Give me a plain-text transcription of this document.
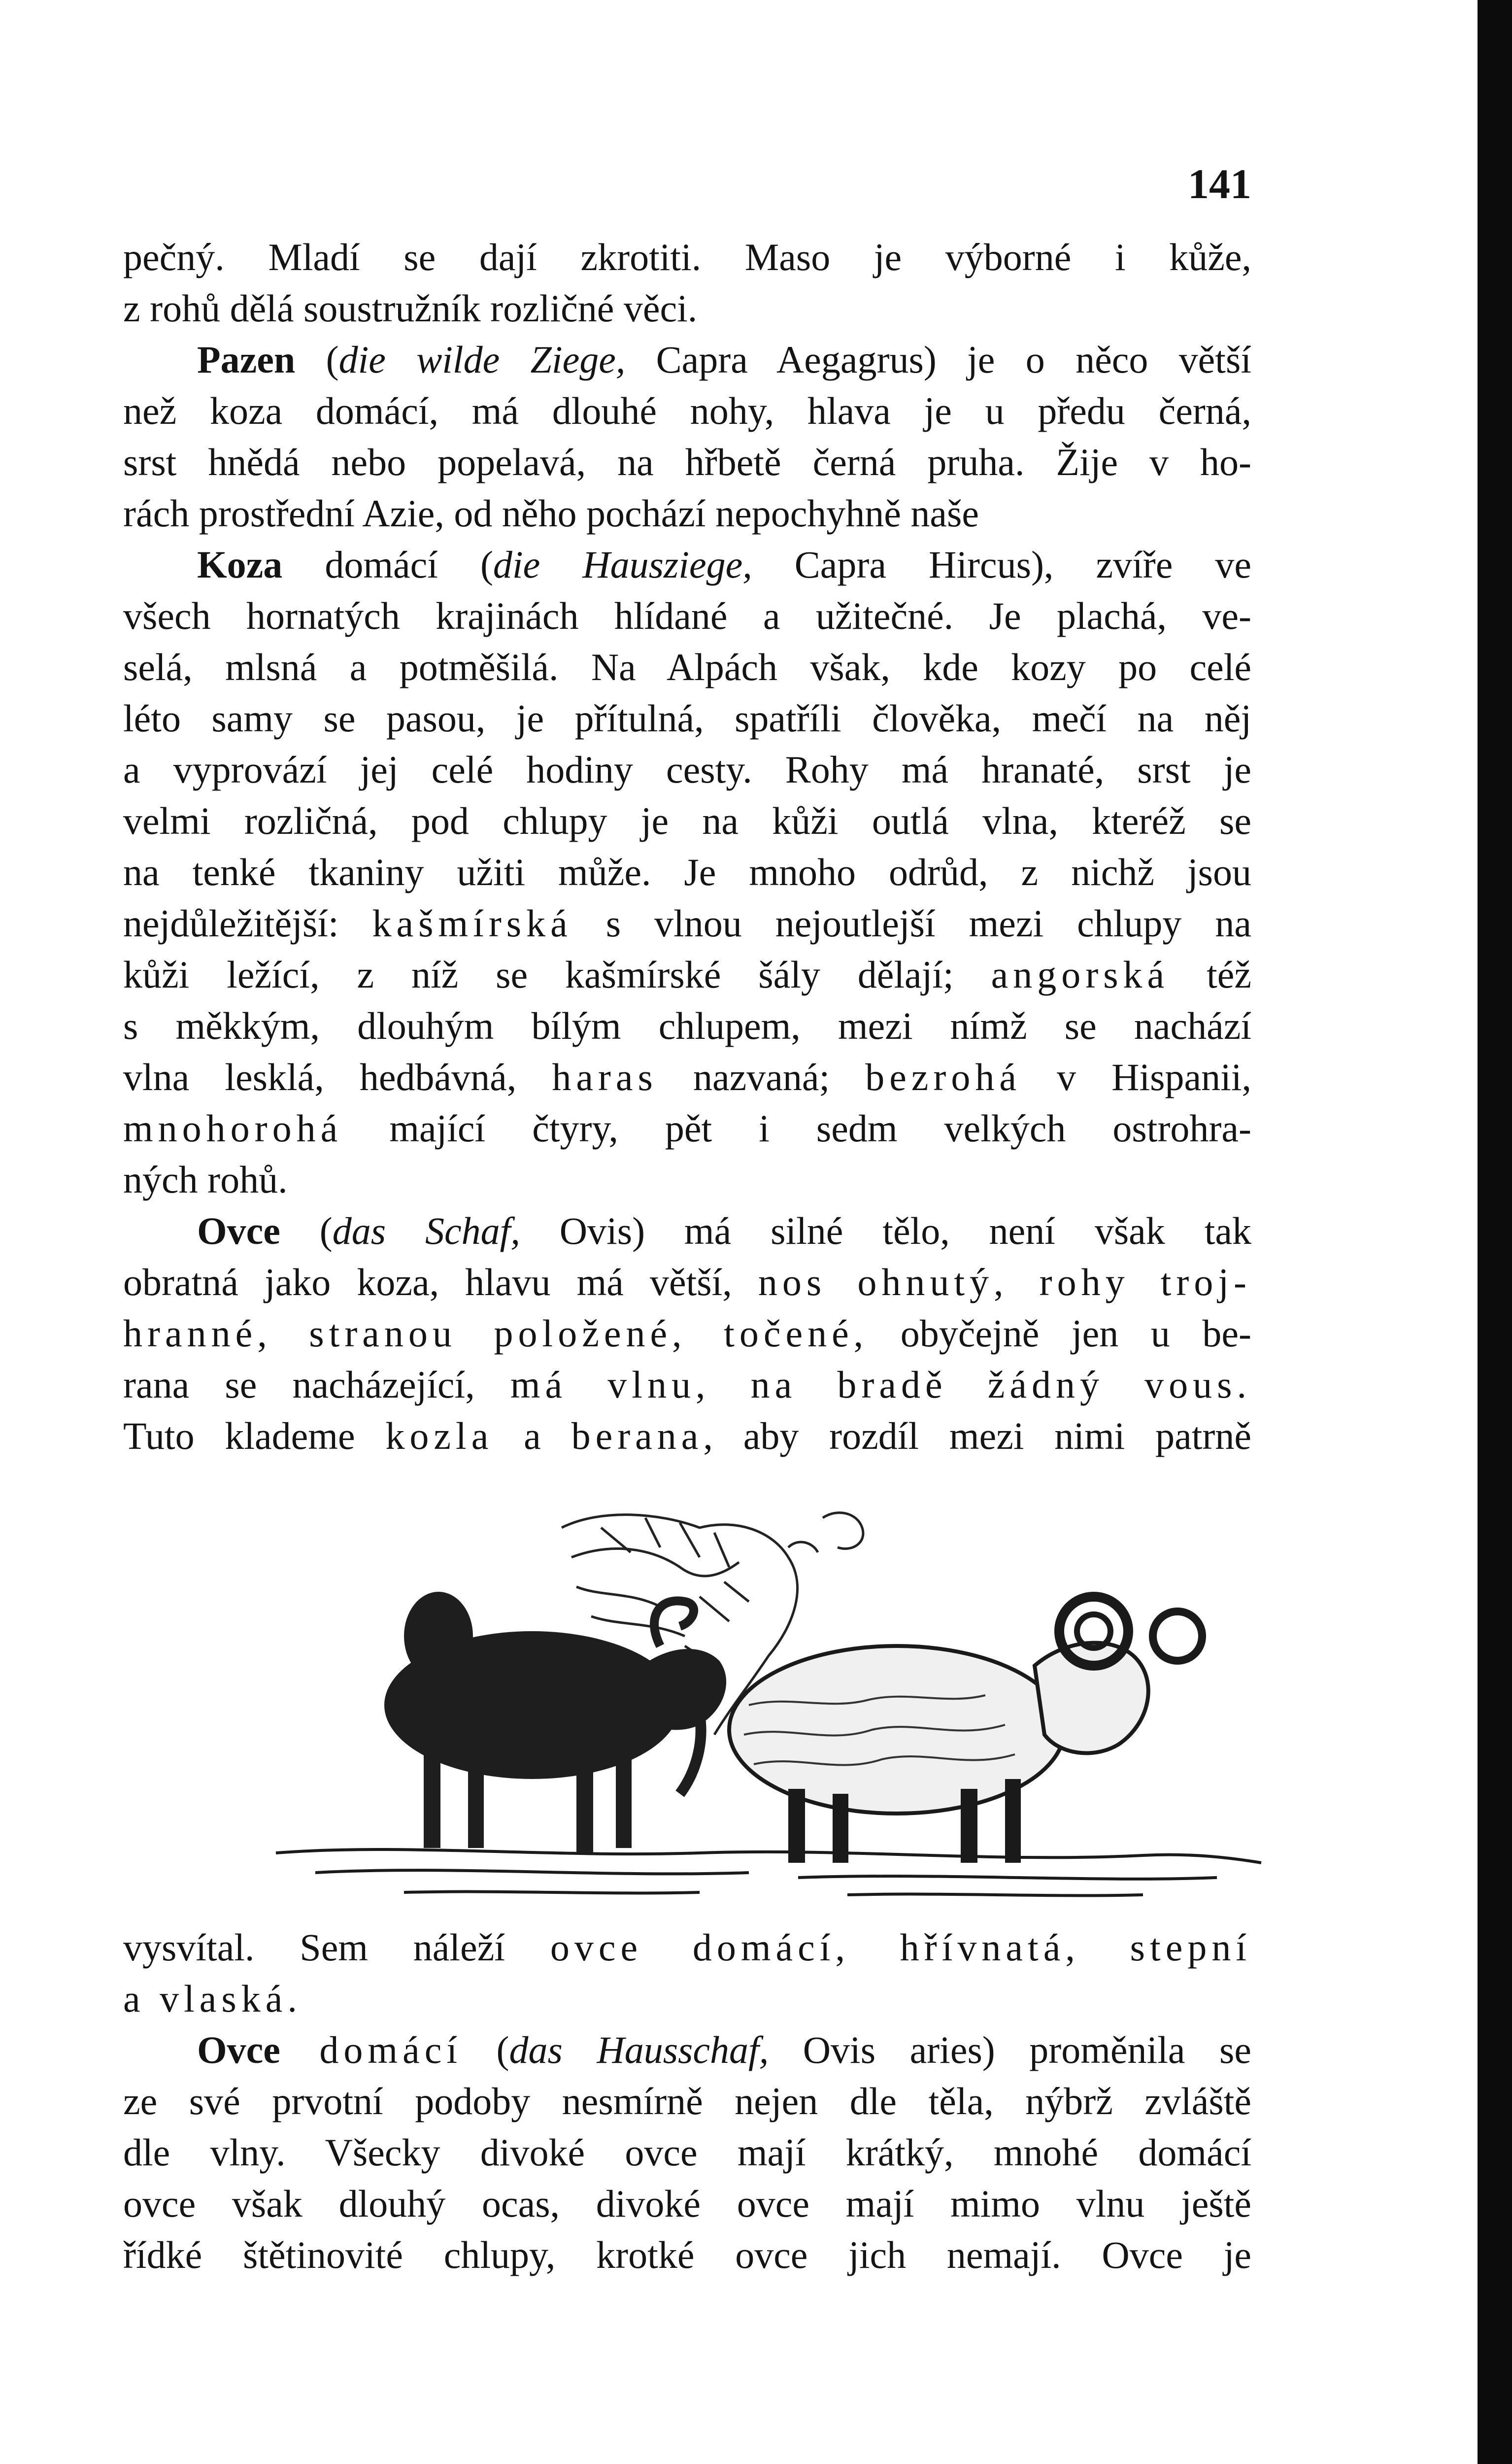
141
pečný. Mladí se dají zkrotiti. Maso je výborné i kůže,
z rohů dělá soustružník rozličné věci.
Pazen (die wilde Ziege, Capra Aegagrus) je o něco větší
než koza domácí, má dlouhé nohy, hlava je u předu černá,
srst hnědá nebo popelavá, na hřbetě černá pruha. Žije v ho-
rách prostřední Azie, od něho pochází nepochyhně naše
Koza domácí (die Hausziege, Capra Hircus), zvíře ve
všech hornatých krajinách hlídané a užitečné. Je plachá, ve-
selá, mlsná a potměšilá. Na Alpách však, kde kozy po celé
léto samy se pasou, je přítulná, spatříli člověka, mečí na něj
a vyprovází jej celé hodiny cesty. Rohy má hranaté, srst je
velmi rozličná, pod chlupy je na kůži outlá vlna, kteréž se
na tenké tkaniny užiti může. Je mnoho odrůd, z nichž jsou
nejdůležitější: kašmírská s vlnou nejoutlejší mezi chlupy na
kůži ležící, z níž se kašmírské šály dělají; angorská též
s měkkým, dlouhým bílým chlupem, mezi nímž se nachází
vlna lesklá, hedbávná, haras nazvaná; bezrohá v Hispanii,
mnohorohá mající čtyry, pět i sedm velkých ostrohra-
ných rohů.
Ovce (das Schaf, Ovis) má silné tělo, není však tak
obratná jako koza, hlavu má větší, nos ohnutý, rohy troj-
hranné, stranou položené, točené, obyčejně jen u be-
rana se nacházející, má vlnu, na bradě žádný vous.
Tuto klademe kozla a berana, aby rozdíl mezi nimi patrně
vysvítal. Sem náleží ovce domácí, hřívnatá, stepní
a vlaská.
Ovce domácí (das Hausschaf, Ovis aries) proměnila se
ze své prvotní podoby nesmírně nejen dle těla, nýbrž zvláště
dle vlny. Všecky divoké ovce mají krátký, mnohé domácí
ovce však dlouhý ocas, divoké ovce mají mimo vlnu ještě
řídké štětinovité chlupy, krotké ovce jich nemají. Ovce je
